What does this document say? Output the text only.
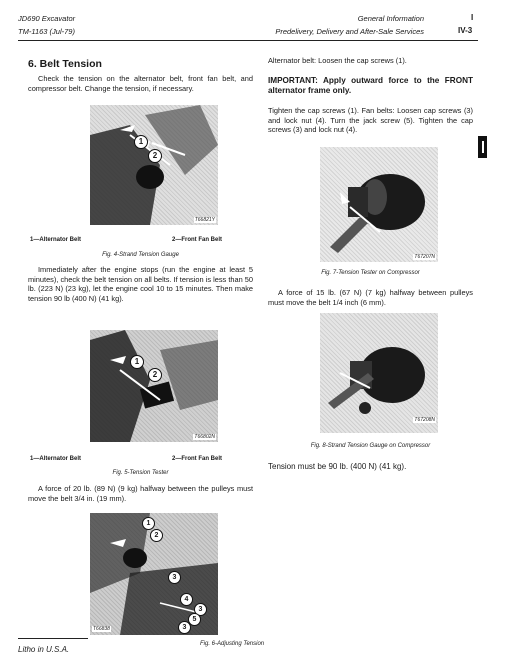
JD690 Excavator
TM-1163 (Jul-79)
General Information	I
Predelivery, Delivery and After-Sale Services	IV-3
6. Belt Tension
Check the tension on the alternator belt, front fan belt, and compressor belt. Change the tension, if necessary.
1
2
T66821Y
1—Alternator Belt	2—Front Fan Belt
Fig. 4-Strand Tension Gauge
Immediately after the engine stops (run the engine at least 5 minutes), check the belt tension on all belts. If tension is less than 50 lb. (223 N) (23 kg), let the engine cool 10 to 15 minutes. Then make tension 90 lb (400 N) (41 kg).
1
2
T66802N
1—Alternator Belt	2—Front Fan Belt
Fig. 5-Tension Tester
A force of 20 lb. (89 N) (9 kg) halfway between the pulleys must move the belt 3/4 in. (19 mm).
1
2
3
4
3
5
3
T66838
Fig. 6-Adjusting Tension
Litho in U.S.A.
Alternator belt: Loosen the cap screws (1).
IMPORTANT: Apply outward force to the FRONT alternator frame only.
Tighten the cap screws (1). Fan belts: Loosen cap screws (3) and lock nut (4). Turn the jack screw (5). Tighten the cap screws (3) and lock nut (4).
T67207N
Fig. 7-Tension Tester on Compressor
A force of 15 lb. (67 N) (7 kg) halfway between pulleys must move the belt 1/4 inch (6 mm).
T67208N
Fig. 8-Strand Tension Gauge on Compressor
Tension must be 90 lb. (400 N) (41 kg).
